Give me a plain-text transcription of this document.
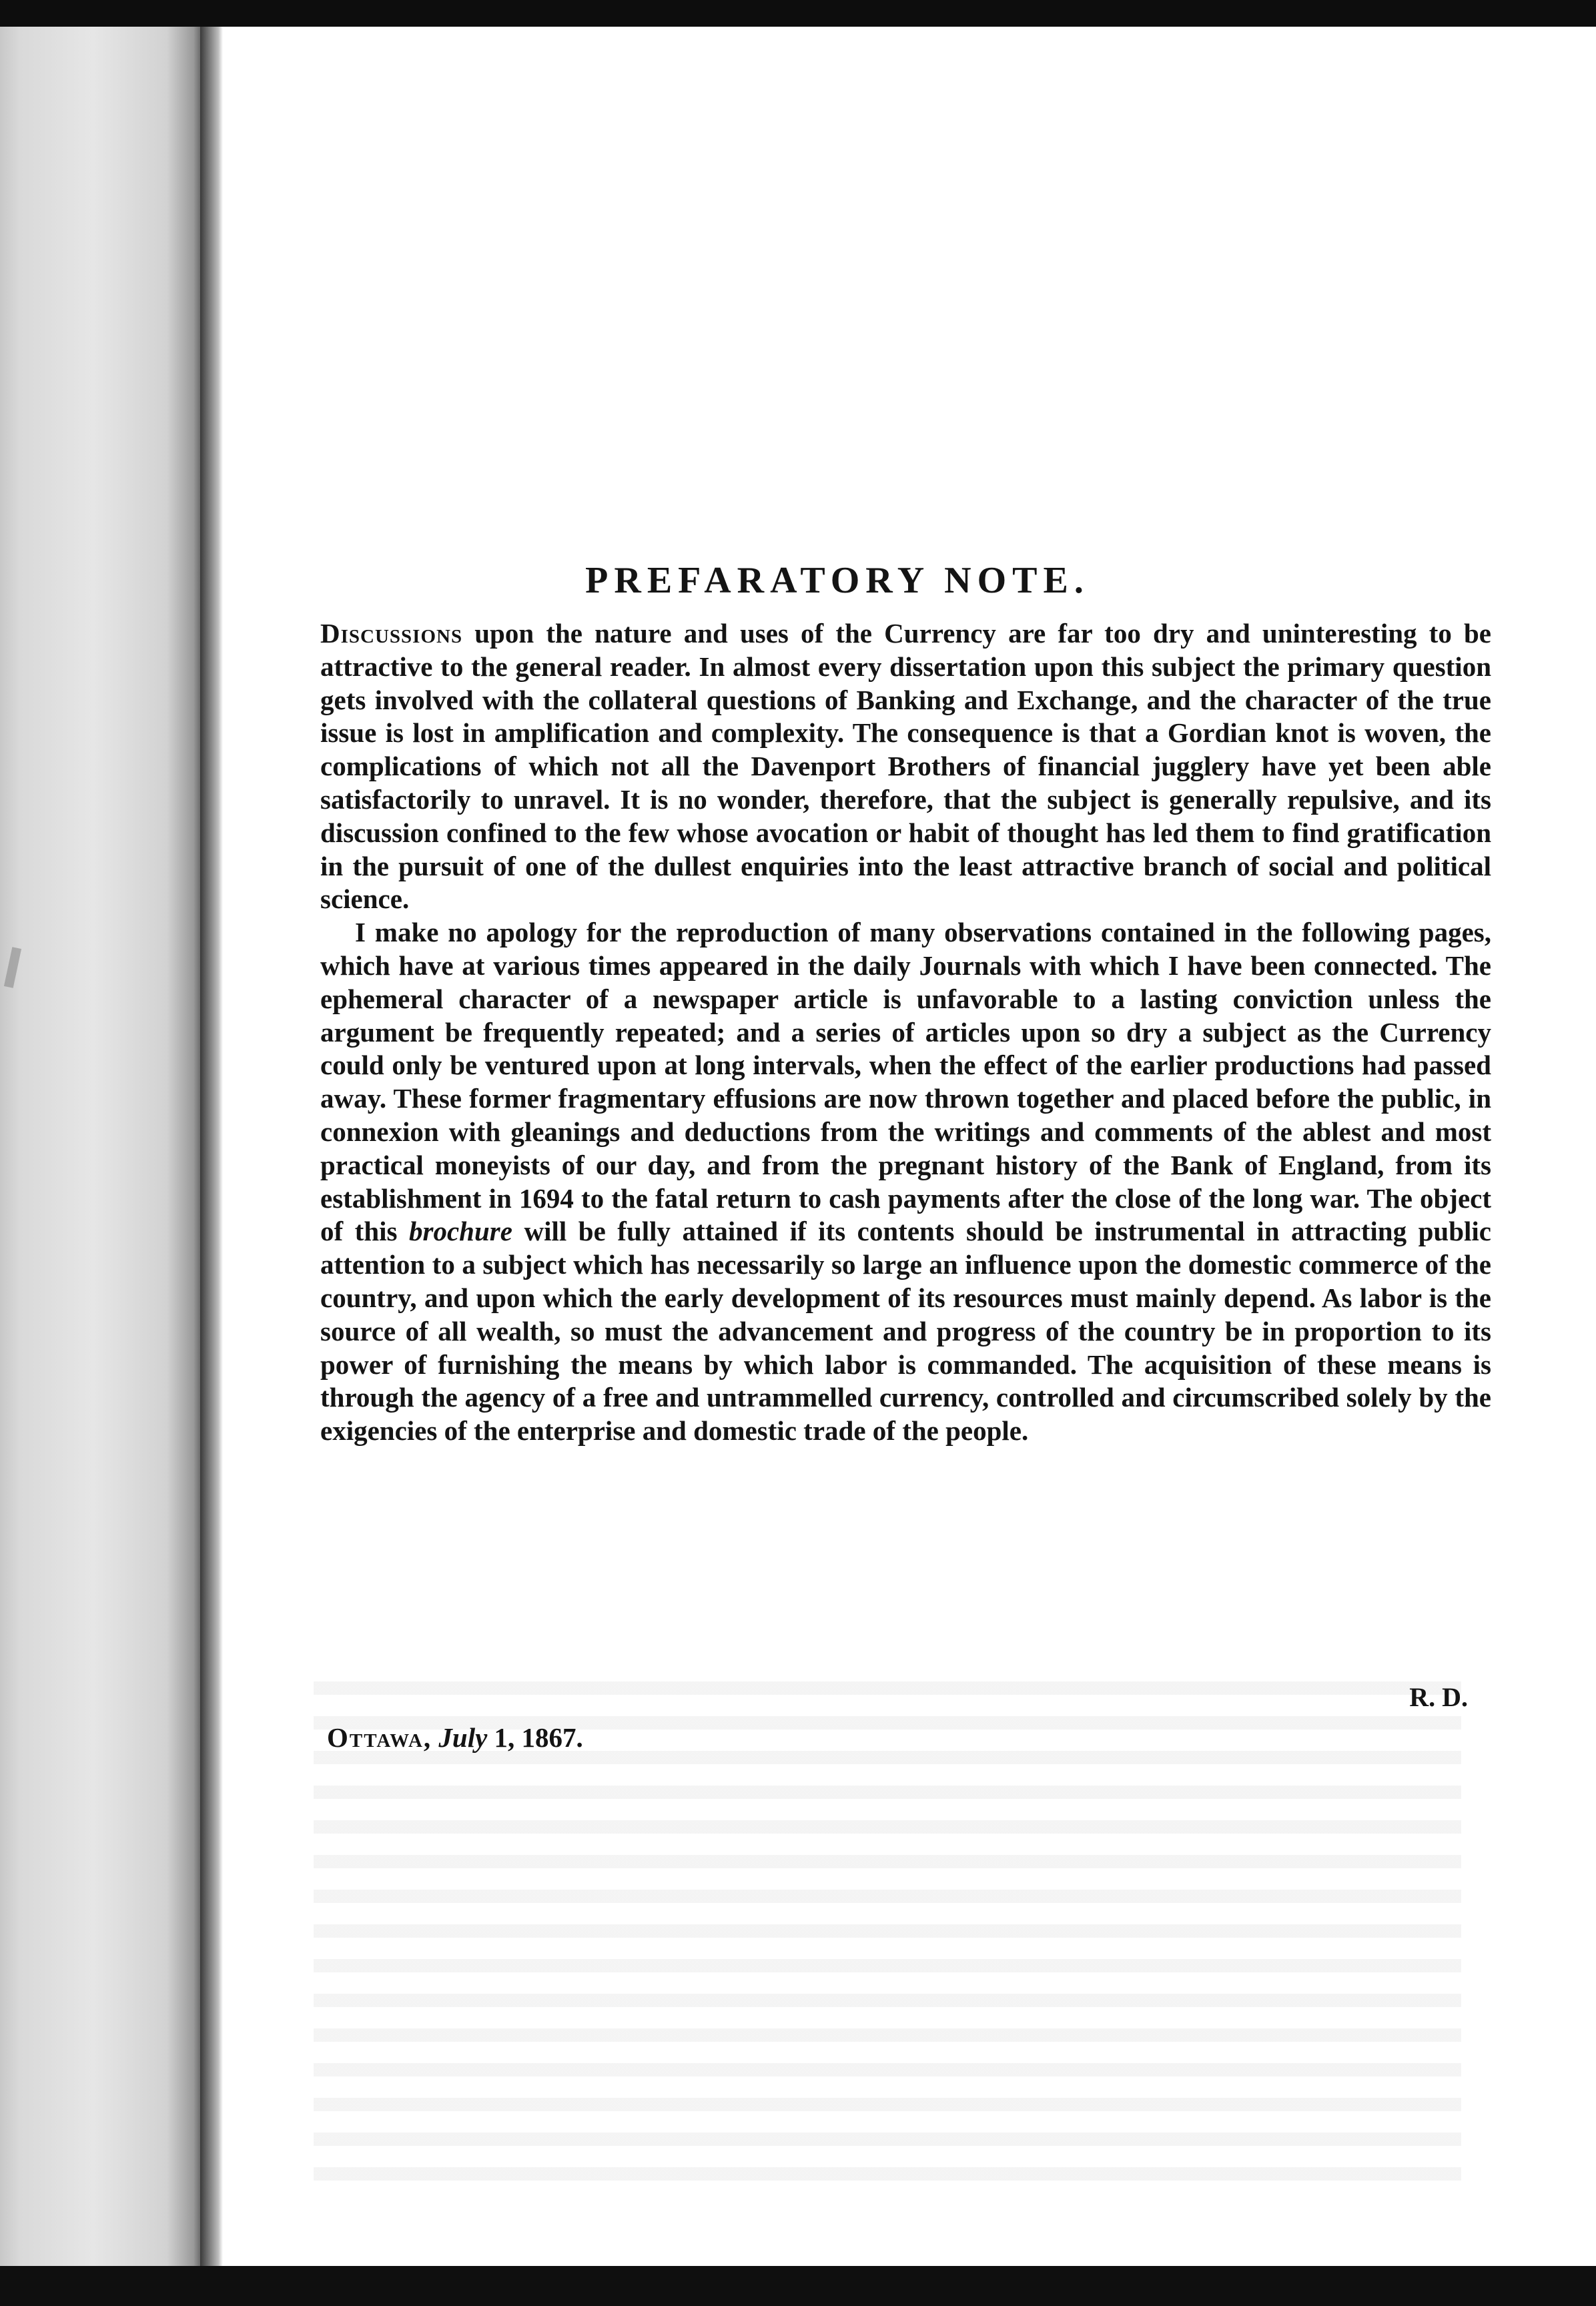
PREFARATORY NOTE.

Discussions upon the nature and uses of the Currency are far too dry and uninteresting to be attractive to the general reader. In almost every dissertation upon this subject the primary question gets involved with the collateral questions of Banking and Exchange, and the character of the true issue is lost in amplification and complexity. The consequence is that a Gordian knot is woven, the complications of which not all the Davenport Brothers of financial jugglery have yet been able satisfactorily to unravel. It is no wonder, therefore, that the subject is generally repulsive, and its discussion confined to the few whose avocation or habit of thought has led them to find gratification in the pursuit of one of the dullest enquiries into the least attractive branch of social and political science.

I make no apology for the reproduction of many observations contained in the following pages, which have at various times appeared in the daily Journals with which I have been connected. The ephemeral character of a newspaper article is unfavorable to a lasting conviction unless the argument be frequently repeated; and a series of articles upon so dry a subject as the Currency could only be ventured upon at long intervals, when the effect of the earlier productions had passed away. These former fragmentary effusions are now thrown together and placed before the public, in connexion with gleanings and deductions from the writings and comments of the ablest and most practical moneyists of our day, and from the pregnant history of the Bank of England, from its establishment in 1694 to the fatal return to cash payments after the close of the long war. The object of this brochure will be fully attained if its contents should be instrumental in attracting public attention to a subject which has necessarily so large an influence upon the domestic commerce of the country, and upon which the early development of its resources must mainly depend. As labor is the source of all wealth, so must the advancement and progress of the country be in proportion to its power of furnishing the means by which labor is commanded. The acquisition of these means is through the agency of a free and untrammelled currency, controlled and circumscribed solely by the exigencies of the enterprise and domestic trade of the people.

R. D.
Ottawa, July 1, 1867.
